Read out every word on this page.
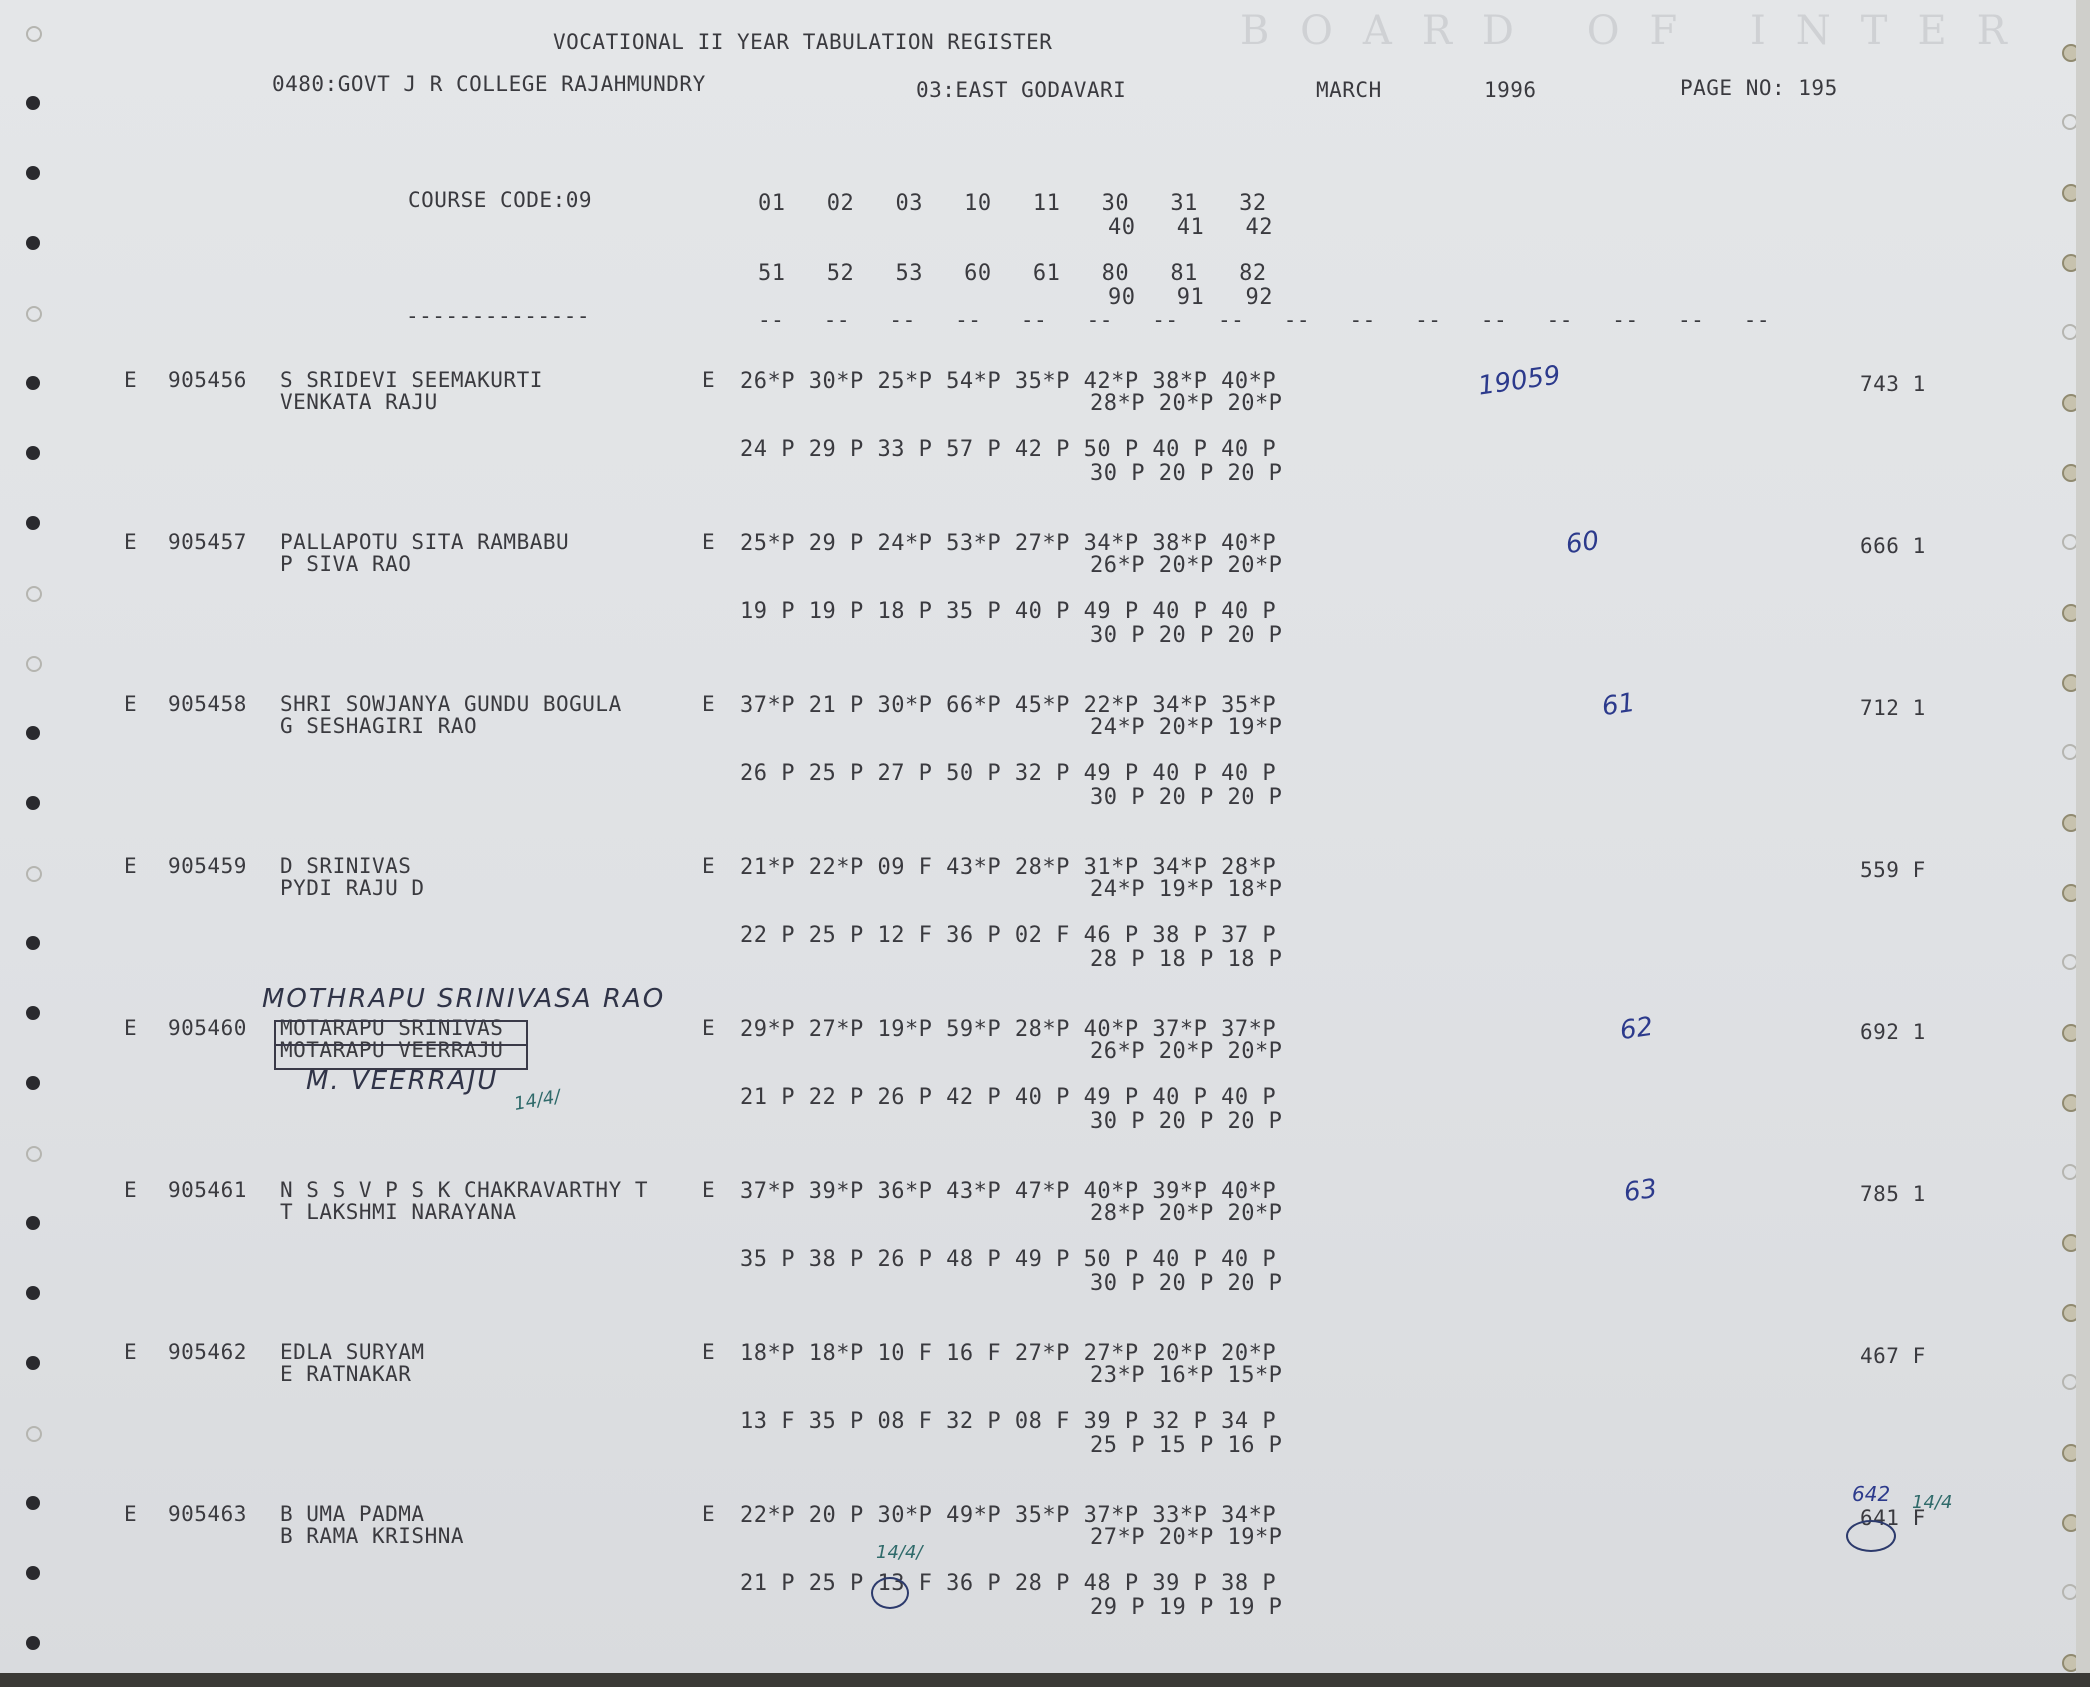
BOARD OF INTER
VOCATIONAL II YEAR TABULATION REGISTER
0480:GOVT J R COLLEGE RAJAHMUNDRY	03:EAST GODAVARI	MARCH	1996	PAGE NO: 195
COURSE CODE:09	01   02   03   10   11   30   31   32
40   41   42
51   52   53   60   61   80   81   82
90   91   92
--------------	--   --   --   --   --   --   --   --   --   --   --   --   --   --   --   --
E 905456 S SRIDEVI SEEMAKURTI
VENKATA RAJU
E 26*P 30*P 25*P 54*P 35*P 42*P 38*P 40*P
28*P 20*P 20*P
24 P 29 P 33 P 57 P 42 P 50 P 40 P 40 P
30 P 20 P 20 P
743 1
19059
E 905457 PALLAPOTU SITA RAMBABU
P SIVA RAO
E 25*P 29 P 24*P 53*P 27*P 34*P 38*P 40*P
26*P 20*P 20*P
19 P 19 P 18 P 35 P 40 P 49 P 40 P 40 P
30 P 20 P 20 P
666 1
60
E 905458 SHRI SOWJANYA GUNDU BOGULA
G SESHAGIRI RAO
E 37*P 21 P 30*P 66*P 45*P 22*P 34*P 35*P
24*P 20*P 19*P
26 P 25 P 27 P 50 P 32 P 49 P 40 P 40 P
30 P 20 P 20 P
712 1
61
E 905459 D SRINIVAS
PYDI RAJU D
E 21*P 22*P 09 F 43*P 28*P 31*P 34*P 28*P
24*P 19*P 18*P
22 P 25 P 12 F 36 P 02 F 46 P 38 P 37 P
28 P 18 P 18 P
559 F
E 905460 MOTARAPU SRINIVAS
MOTARAPU VEERRAJU
E 29*P 27*P 19*P 59*P 28*P 40*P 37*P 37*P
26*P 20*P 20*P
21 P 22 P 26 P 42 P 40 P 49 P 40 P 40 P
30 P 20 P 20 P
692 1
62
E 905461 N S S V P S K CHAKRAVARTHY T
T LAKSHMI NARAYANA
E 37*P 39*P 36*P 43*P 47*P 40*P 39*P 40*P
28*P 20*P 20*P
35 P 38 P 26 P 48 P 49 P 50 P 40 P 40 P
30 P 20 P 20 P
785 1
63
E 905462 EDLA SURYAM
E RATNAKAR
E 18*P 18*P 10 F 16 F 27*P 27*P 20*P 20*P
23*P 16*P 15*P
13 F 35 P 08 F 32 P 08 F 39 P 32 P 34 P
25 P 15 P 16 P
467 F
E 905463 B UMA PADMA
B RAMA KRISHNA
E 22*P 20 P 30*P 49*P 35*P 37*P 33*P 34*P
27*P 20*P 19*P
21 P 25 P 13 F 36 P 28 P 48 P 39 P 38 P
29 P 19 P 19 P
641 F
MOTHRAPU SRINIVASA RAO
M. VEERRAJU
14/4/
642 14/4
14/4/
